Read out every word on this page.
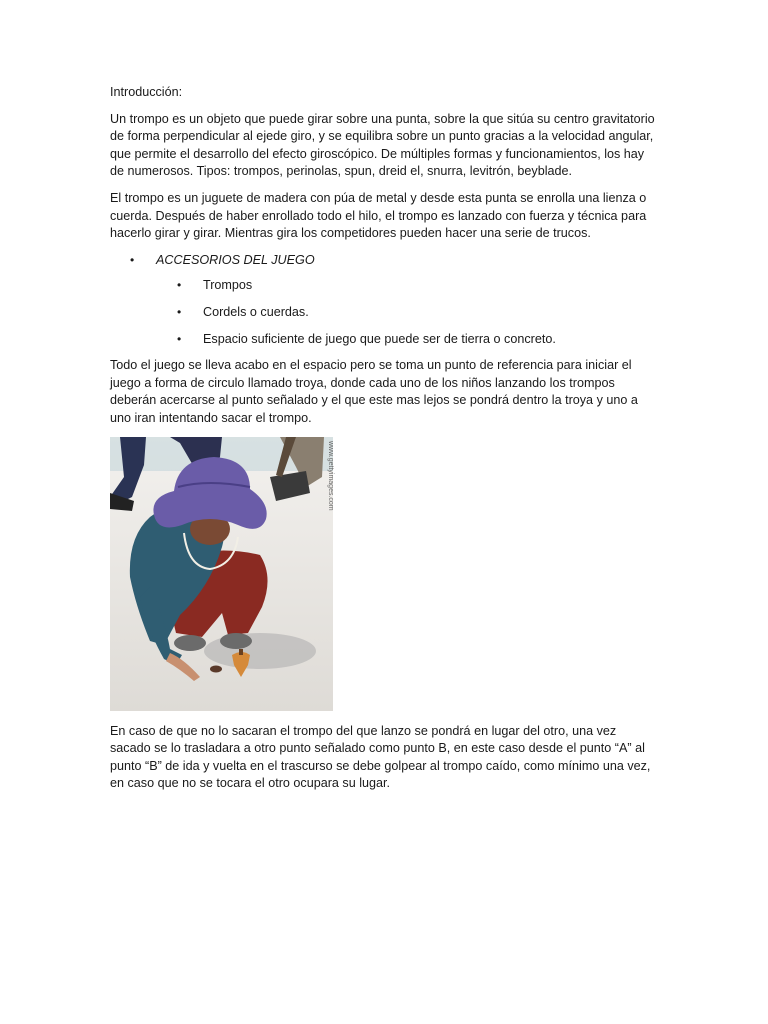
Introducción:

Un trompo es un objeto que puede girar sobre una punta, sobre la que sitúa su centro gravitatorio de forma perpendicular al ejede giro, y se equilibra sobre un punto gracias a la velocidad angular, que permite el desarrollo del efecto giroscópico. De múltiples formas y funcionamientos, los hay de numerosos. Tipos: trompos, perinolas, spun, dreid el, snurra, levitrón, beyblade.

El trompo es un juguete de madera con púa de metal y desde esta punta se enrolla una lienza o cuerda. Después de haber enrollado todo el hilo, el trompo es lanzado con fuerza y técnica para hacerlo girar y girar. Mientras gira los competidores pueden hacer una serie de trucos.

• ACCESORIOS DEL JUEGO
• Trompos
• Cordels o cuerdas.
• Espacio suficiente de juego que puede ser de tierra o concreto.

Todo el juego se lleva acabo en el espacio pero se toma un punto de referencia para iniciar el juego a forma de circulo llamado troya, donde cada uno de los niños lanzando los trompos deberán acercarse al punto señalado y el que este mas lejos se pondrá dentro la troya y uno a uno iran intentando sacar el trompo.

www.gettyimages.com

En caso de que no lo sacaran el trompo del que lanzo se pondrá en lugar del otro, una vez sacado se lo trasladara a otro punto señalado como punto B, en este caso desde el punto “A” al punto “B” de ida y vuelta en el trascurso se debe golpear al trompo caído, como mínimo una vez, en caso que no se tocara el otro ocupara su lugar.
